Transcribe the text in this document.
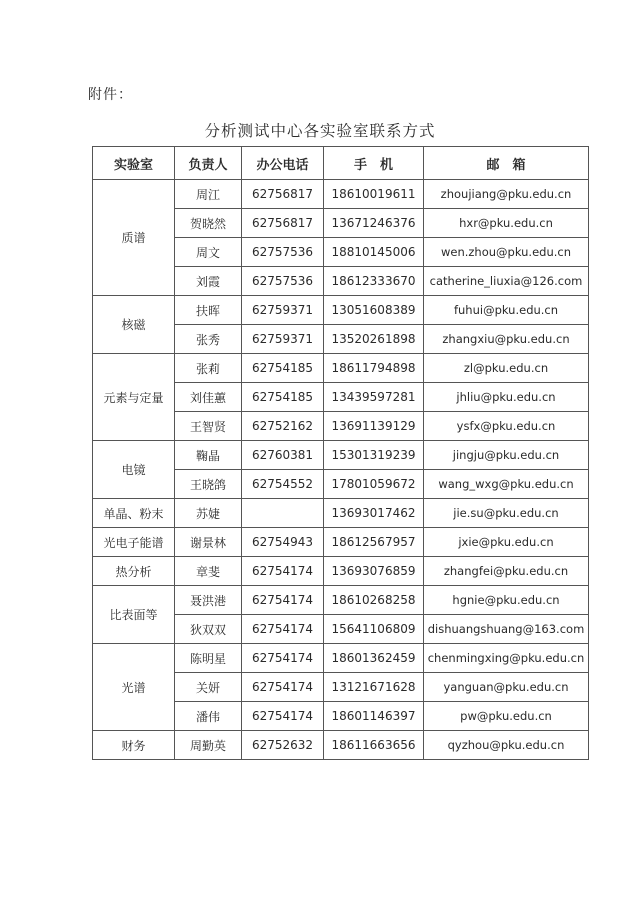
附件：
分析测试中心各实验室联系方式
实验室	负责人	办公电话	手　机	邮　箱
质谱	周江	62756817	18610019611	zhoujiang@pku.edu.cn
	贺晓然	62756817	13671246376	hxr@pku.edu.cn
	周文	62757536	18810145006	wen.zhou@pku.edu.cn
	刘霞	62757536	18612333670	catherine_liuxia@126.com
核磁	扶晖	62759371	13051608389	fuhui@pku.edu.cn
	张秀	62759371	13520261898	zhangxiu@pku.edu.cn
元素与定量	张莉	62754185	18611794898	zl@pku.edu.cn
	刘佳蕙	62754185	13439597281	jhliu@pku.edu.cn
	王智贤	62752162	13691139129	ysfx@pku.edu.cn
电镜	鞠晶	62760381	15301319239	jingju@pku.edu.cn
	王晓鸽	62754552	17801059672	wang_wxg@pku.edu.cn
单晶、粉末	苏婕		13693017462	jie.su@pku.edu.cn
光电子能谱	谢景林	62754943	18612567957	jxie@pku.edu.cn
热分析	章斐	62754174	13693076859	zhangfei@pku.edu.cn
比表面等	聂洪港	62754174	18610268258	hgnie@pku.edu.cn
	狄双双	62754174	15641106809	dishuangshuang@163.com
光谱	陈明星	62754174	18601362459	chenmingxing@pku.edu.cn
	关妍	62754174	13121671628	yanguan@pku.edu.cn
	潘伟	62754174	18601146397	pw@pku.edu.cn
财务	周勤英	62752632	18611663656	qyzhou@pku.edu.cn
